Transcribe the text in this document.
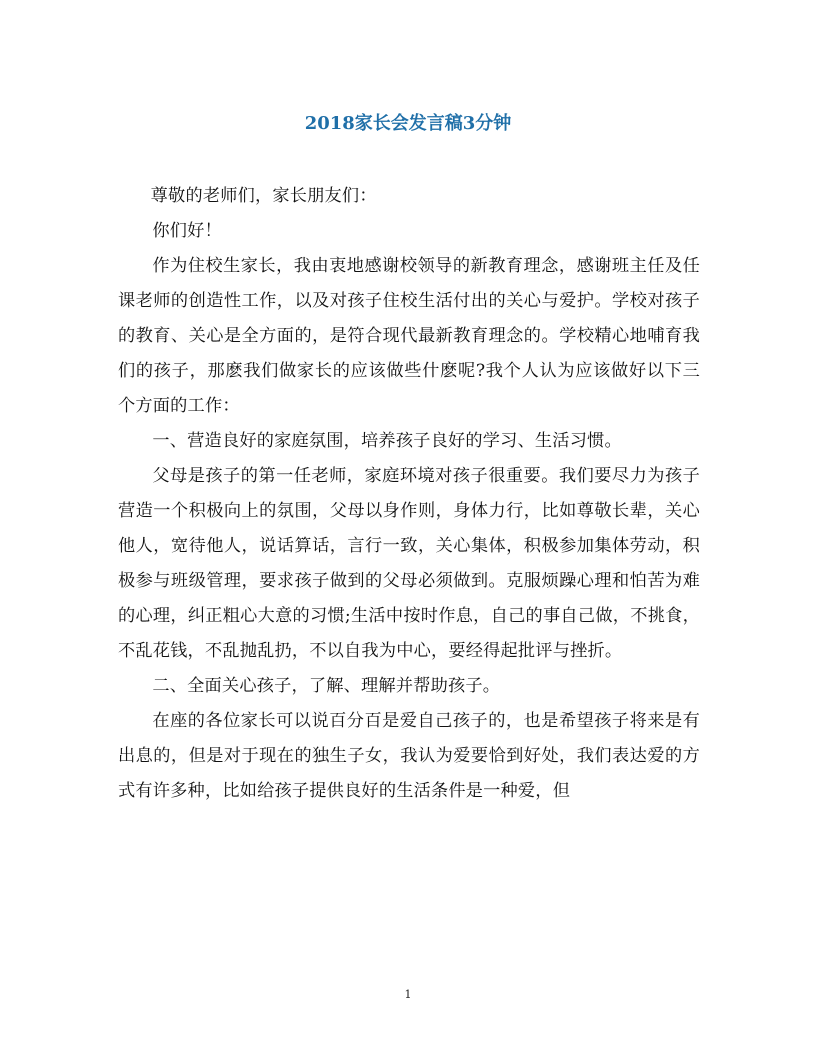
2018家长会发言稿3分钟

尊敬的老师们，家长朋友们：

你们好！

作为住校生家长，我由衷地感谢校领导的新教育理念，感谢班主任及任课老师的创造性工作，以及对孩子住校生活付出的关心与爱护。学校对孩子的教育、关心是全方面的，是符合现代最新教育理念的。学校精心地哺育我们的孩子，那麽我们做家长的应该做些什麽呢?我个人认为应该做好以下三个方面的工作：

一、营造良好的家庭氛围，培养孩子良好的学习、生活习惯。

父母是孩子的第一任老师，家庭环境对孩子很重要。我们要尽力为孩子营造一个积极向上的氛围，父母以身作则，身体力行，比如尊敬长辈，关心他人，宽待他人，说话算话，言行一致，关心集体，积极参加集体劳动，积极参与班级管理，要求孩子做到的父母必须做到。克服烦躁心理和怕苦为难的心理，纠正粗心大意的习惯;生活中按时作息，自己的事自己做，不挑食，不乱花钱，不乱抛乱扔，不以自我为中心，要经得起批评与挫折。

二、全面关心孩子，了解、理解并帮助孩子。

在座的各位家长可以说百分百是爱自己孩子的，也是希望孩子将来是有出息的，但是对于现在的独生子女，我认为爱要恰到好处，我们表达爱的方式有许多种，比如给孩子提供良好的生活条件是一种爱，但

1
